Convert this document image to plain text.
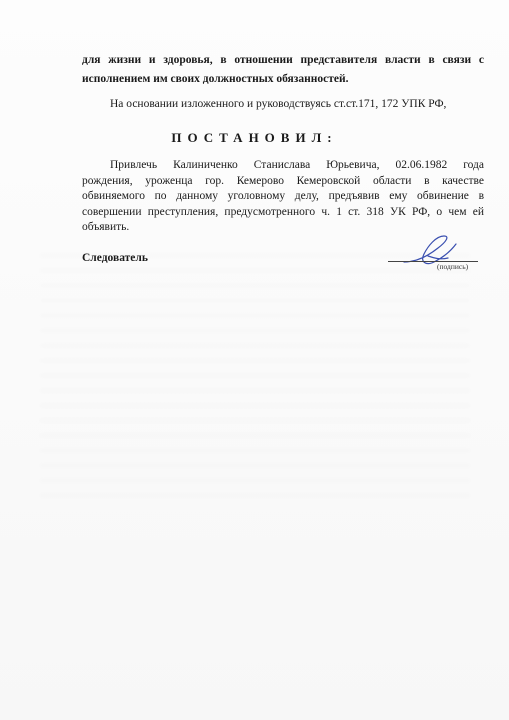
для жизни и здоровья, в отношении представителя власти в связи с
исполнением им своих должностных обязанностей.
На основании изложенного и руководствуясь ст.ст.171, 172 УПК РФ,
ПОСТАНОВИЛ:
Привлечь Калиниченко Станислава Юрьевича, 02.06.1982 года
рождения, уроженца гор. Кемерово Кемеровской области в качестве
обвиняемого по данному уголовному делу, предъявив ему обвинение в
совершении преступления, предусмотренного ч. 1 ст. 318 УК РФ, о чем ей
объявить.
Следователь
(подпись)
